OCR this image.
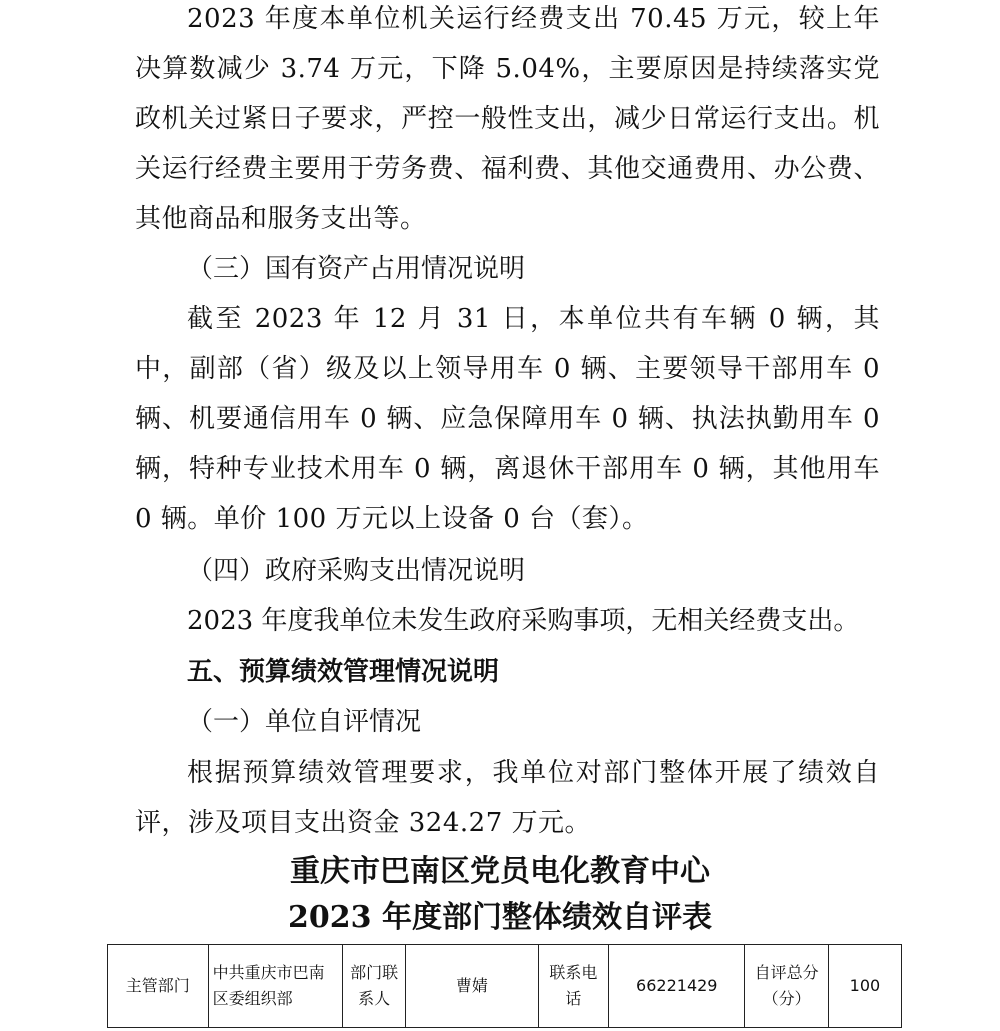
2023 年度本单位机关运行经费支出 70.45 万元，较上年决算数减少 3.74 万元，下降 5.04%，主要原因是持续落实党政机关过紧日子要求，严控一般性支出，减少日常运行支出。机关运行经费主要用于劳务费、福利费、其他交通费用、办公费、其他商品和服务支出等。

（三）国有资产占用情况说明

截至 2023 年 12 月 31 日，本单位共有车辆 0 辆，其中，副部（省）级及以上领导用车 0 辆、主要领导干部用车 0 辆、机要通信用车 0 辆、应急保障用车 0 辆、执法执勤用车 0 辆，特种专业技术用车 0 辆，离退休干部用车 0 辆，其他用车 0 辆。单价 100 万元以上设备 0 台（套）。

（四）政府采购支出情况说明

2023 年度我单位未发生政府采购事项，无相关经费支出。

五、预算绩效管理情况说明

（一）单位自评情况

根据预算绩效管理要求，我单位对部门整体开展了绩效自评，涉及项目支出资金 324.27 万元。

重庆市巴南区党员电化教育中心

2023 年度部门整体绩效自评表

主管部门	中共重庆市巴南区委组织部	部门联系人	曹婧	联系电话	66221429	自评总分（分）	100
